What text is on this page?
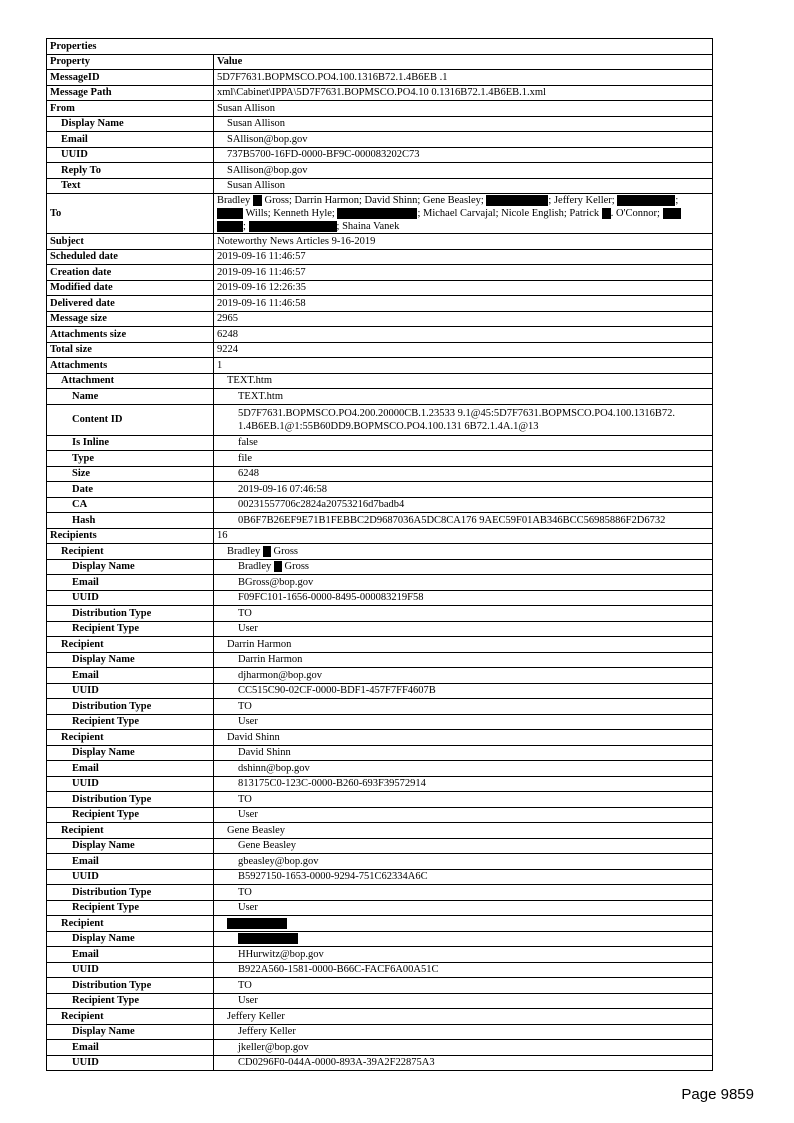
Properties	
Property	Value
MessageID	5D7F7631.BOPMSCO.PO4.100.1316B72.1.4B6EB .1
Message Path	xml\Cabinet\IPPA\5D7F7631.BOPMSCO.PO4.10 0.1316B72.1.4B6EB.1.xml
From	Susan Allison
Display Name	Susan Allison
Email	SAllison@bop.gov
UUID	737B5700-16FD-0000-BF9C-000083202C73
Reply To	SAllison@bop.gov
Text	Susan Allison
To	Bradley Gross; Darrin Harmon; David Shinn; Gene Beasley; ; Jeffery Keller; ;
Wills; Kenneth Hyle; ; Michael Carvajal; Nicole English; Patrick . O'Connor;
; ; Shaina Vanek

Subject	Noteworthy News Articles 9-16-2019
Scheduled date	2019-09-16 11:46:57
Creation date	2019-09-16 11:46:57
Modified date	2019-09-16 12:26:35
Delivered date	2019-09-16 11:46:58
Message size	2965
Attachments size	6248
Total size	9224
Attachments	1
Attachment	TEXT.htm
Name	TEXT.htm
Content ID	5D7F7631.BOPMSCO.PO4.200.20000CB.1.23533 9.1@45:5D7F7631.BOPMSCO.PO4.100.1316B72. 1.4B6EB.1@1:55B60DD9.BOPMSCO.PO4.100.131 6B72.1.4A.1@13
Is Inline	false
Type	file
Size	6248
Date	2019-09-16 07:46:58
CA	00231557706c2824a20753216d7badb4
Hash	0B6F7B26EF9E71B1FEBBC2D9687036A5DC8CA176 9AEC59F01AB346BCC56985886F2D6732
Recipients	16
Recipient	Bradley  Gross
Display Name	Bradley  Gross
Email	BGross@bop.gov
UUID	F09FC101-1656-0000-8495-000083219F58
Distribution Type	TO
Recipient Type	User
Recipient	Darrin Harmon
Display Name	Darrin Harmon
Email	djharmon@bop.gov
UUID	CC515C90-02CF-0000-BDF1-457F7FF4607B
Distribution Type	TO
Recipient Type	User
Recipient	David Shinn
Display Name	David Shinn
Email	dshinn@bop.gov
UUID	813175C0-123C-0000-B260-693F39572914
Distribution Type	TO
Recipient Type	User
Recipient	Gene Beasley
Display Name	Gene Beasley
Email	gbeasley@bop.gov
UUID	B5927150-1653-0000-9294-751C62334A6C
Distribution Type	TO
Recipient Type	User
Recipient	
Display Name	
Email	HHurwitz@bop.gov
UUID	B922A560-1581-0000-B66C-FACF6A00A51C
Distribution Type	TO
Recipient Type	User
Recipient	Jeffery Keller
Display Name	Jeffery Keller
Email	jkeller@bop.gov
UUID	CD0296F0-044A-0000-893A-39A2F22875A3
Page 9859
